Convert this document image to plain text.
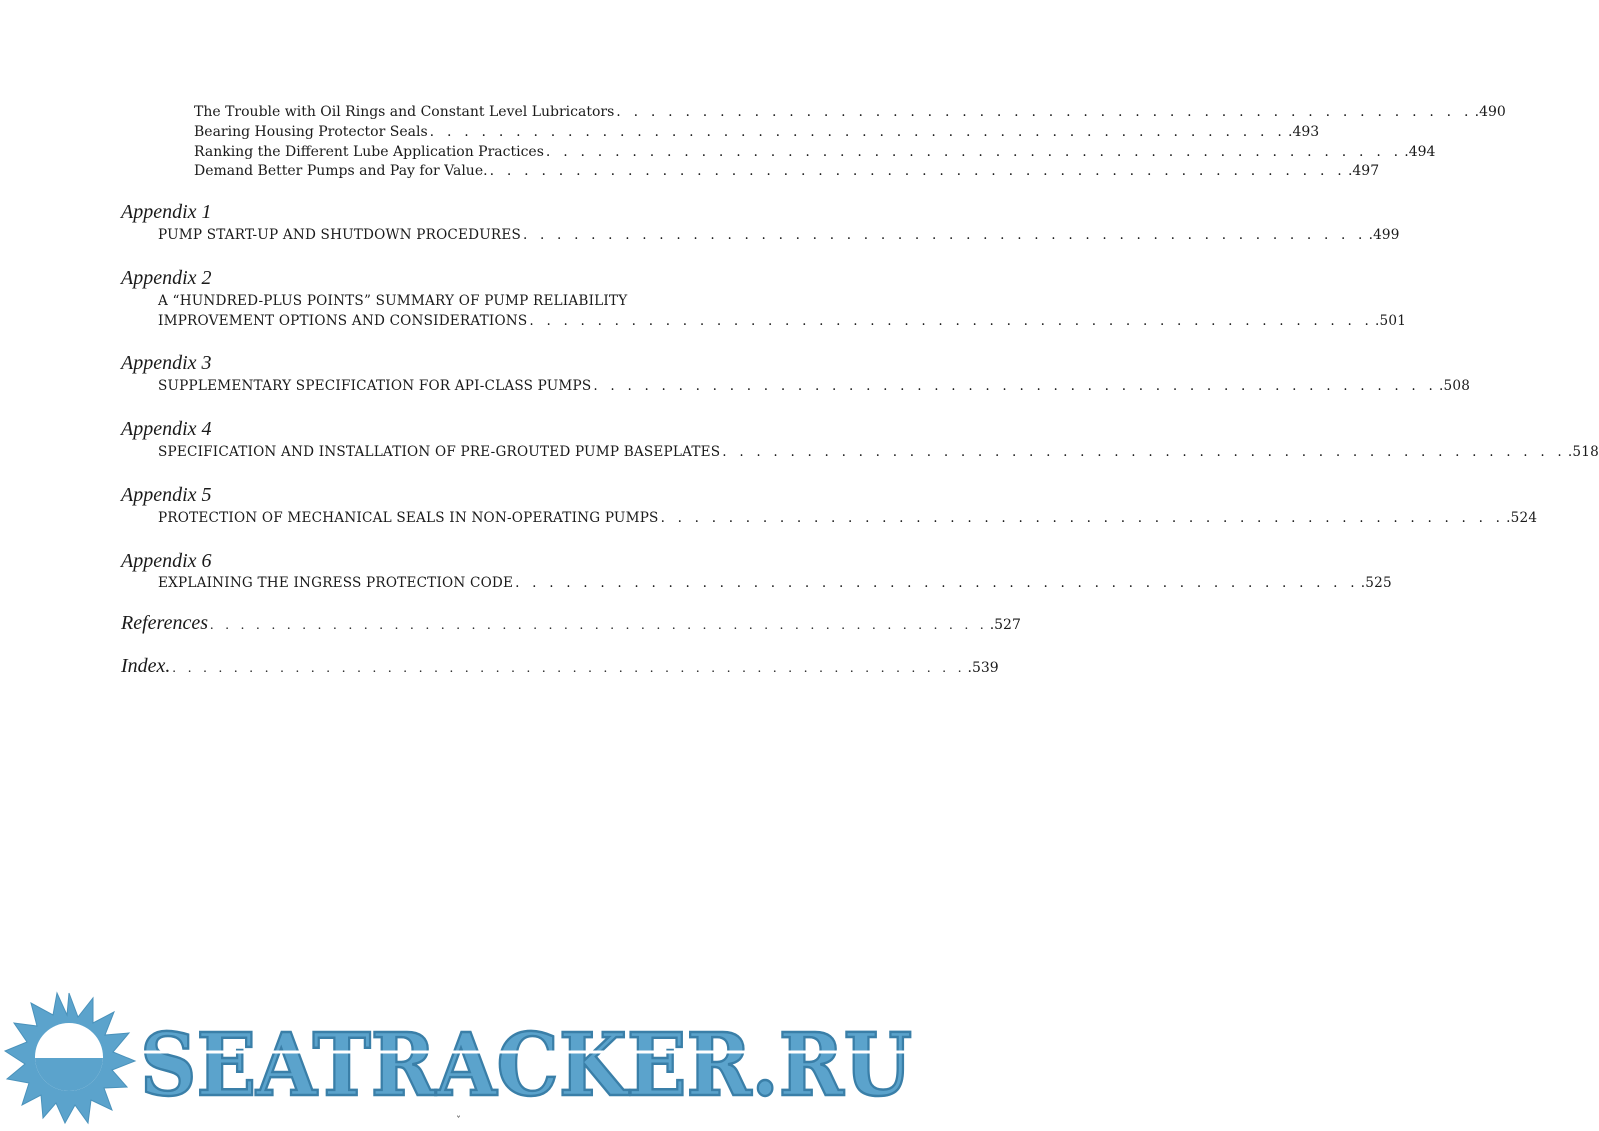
The Trouble with Oil Rings and Constant Level Lubricators . . . . . . . . . . . . . . . . . . . . . . . . . . . . . . . . . . . . . . . . . . . . . . . . . . .490
Bearing Housing Protector Seals . . . . . . . . . . . . . . . . . . . . . . . . . . . . . . . . . . . . . . . . . . . . . . . . . . .493
Ranking the Different Lube Application Practices . . . . . . . . . . . . . . . . . . . . . . . . . . . . . . . . . . . . . . . . . . . . . . . . . . .494
Demand Better Pumps and Pay for Value. . . . . . . . . . . . . . . . . . . . . . . . . . . . . . . . . . . . . . . . . . . . . . . . . . . .497
Appendix 1
PUMP START-UP AND SHUTDOWN PROCEDURES . . . . . . . . . . . . . . . . . . . . . . . . . . . . . . . . . . . . . . . . . . . . . . . . . . .499
Appendix 2
A “HUNDRED-PLUS POINTS” SUMMARY OF PUMP RELIABILITY
IMPROVEMENT OPTIONS AND CONSIDERATIONS . . . . . . . . . . . . . . . . . . . . . . . . . . . . . . . . . . . . . . . . . . . . . . . . . . .501
Appendix 3
SUPPLEMENTARY SPECIFICATION FOR API-CLASS PUMPS . . . . . . . . . . . . . . . . . . . . . . . . . . . . . . . . . . . . . . . . . . . . . . . . . . .508
Appendix 4
SPECIFICATION AND INSTALLATION OF PRE-GROUTED PUMP BASEPLATES . . . . . . . . . . . . . . . . . . . . . . . . . . . . . . . . . . . . . . . . . . . . . . . . . . .518
Appendix 5
PROTECTION OF MECHANICAL SEALS IN NON-OPERATING PUMPS . . . . . . . . . . . . . . . . . . . . . . . . . . . . . . . . . . . . . . . . . . . . . . . . . . .524
Appendix 6
EXPLAINING THE INGRESS PROTECTION CODE . . . . . . . . . . . . . . . . . . . . . . . . . . . . . . . . . . . . . . . . . . . . . . . . . . .525
References . . . . . . . . . . . . . . . . . . . . . . . . . . . . . . . . . . . . . . . . . . . . . . . . . . . .527
Index. . . . . . . . . . . . . . . . . . . . . . . . . . . . . . . . . . . . . . . . . . . . . . . . . . . . . .539
SEATRACKER.RU
ˇ
